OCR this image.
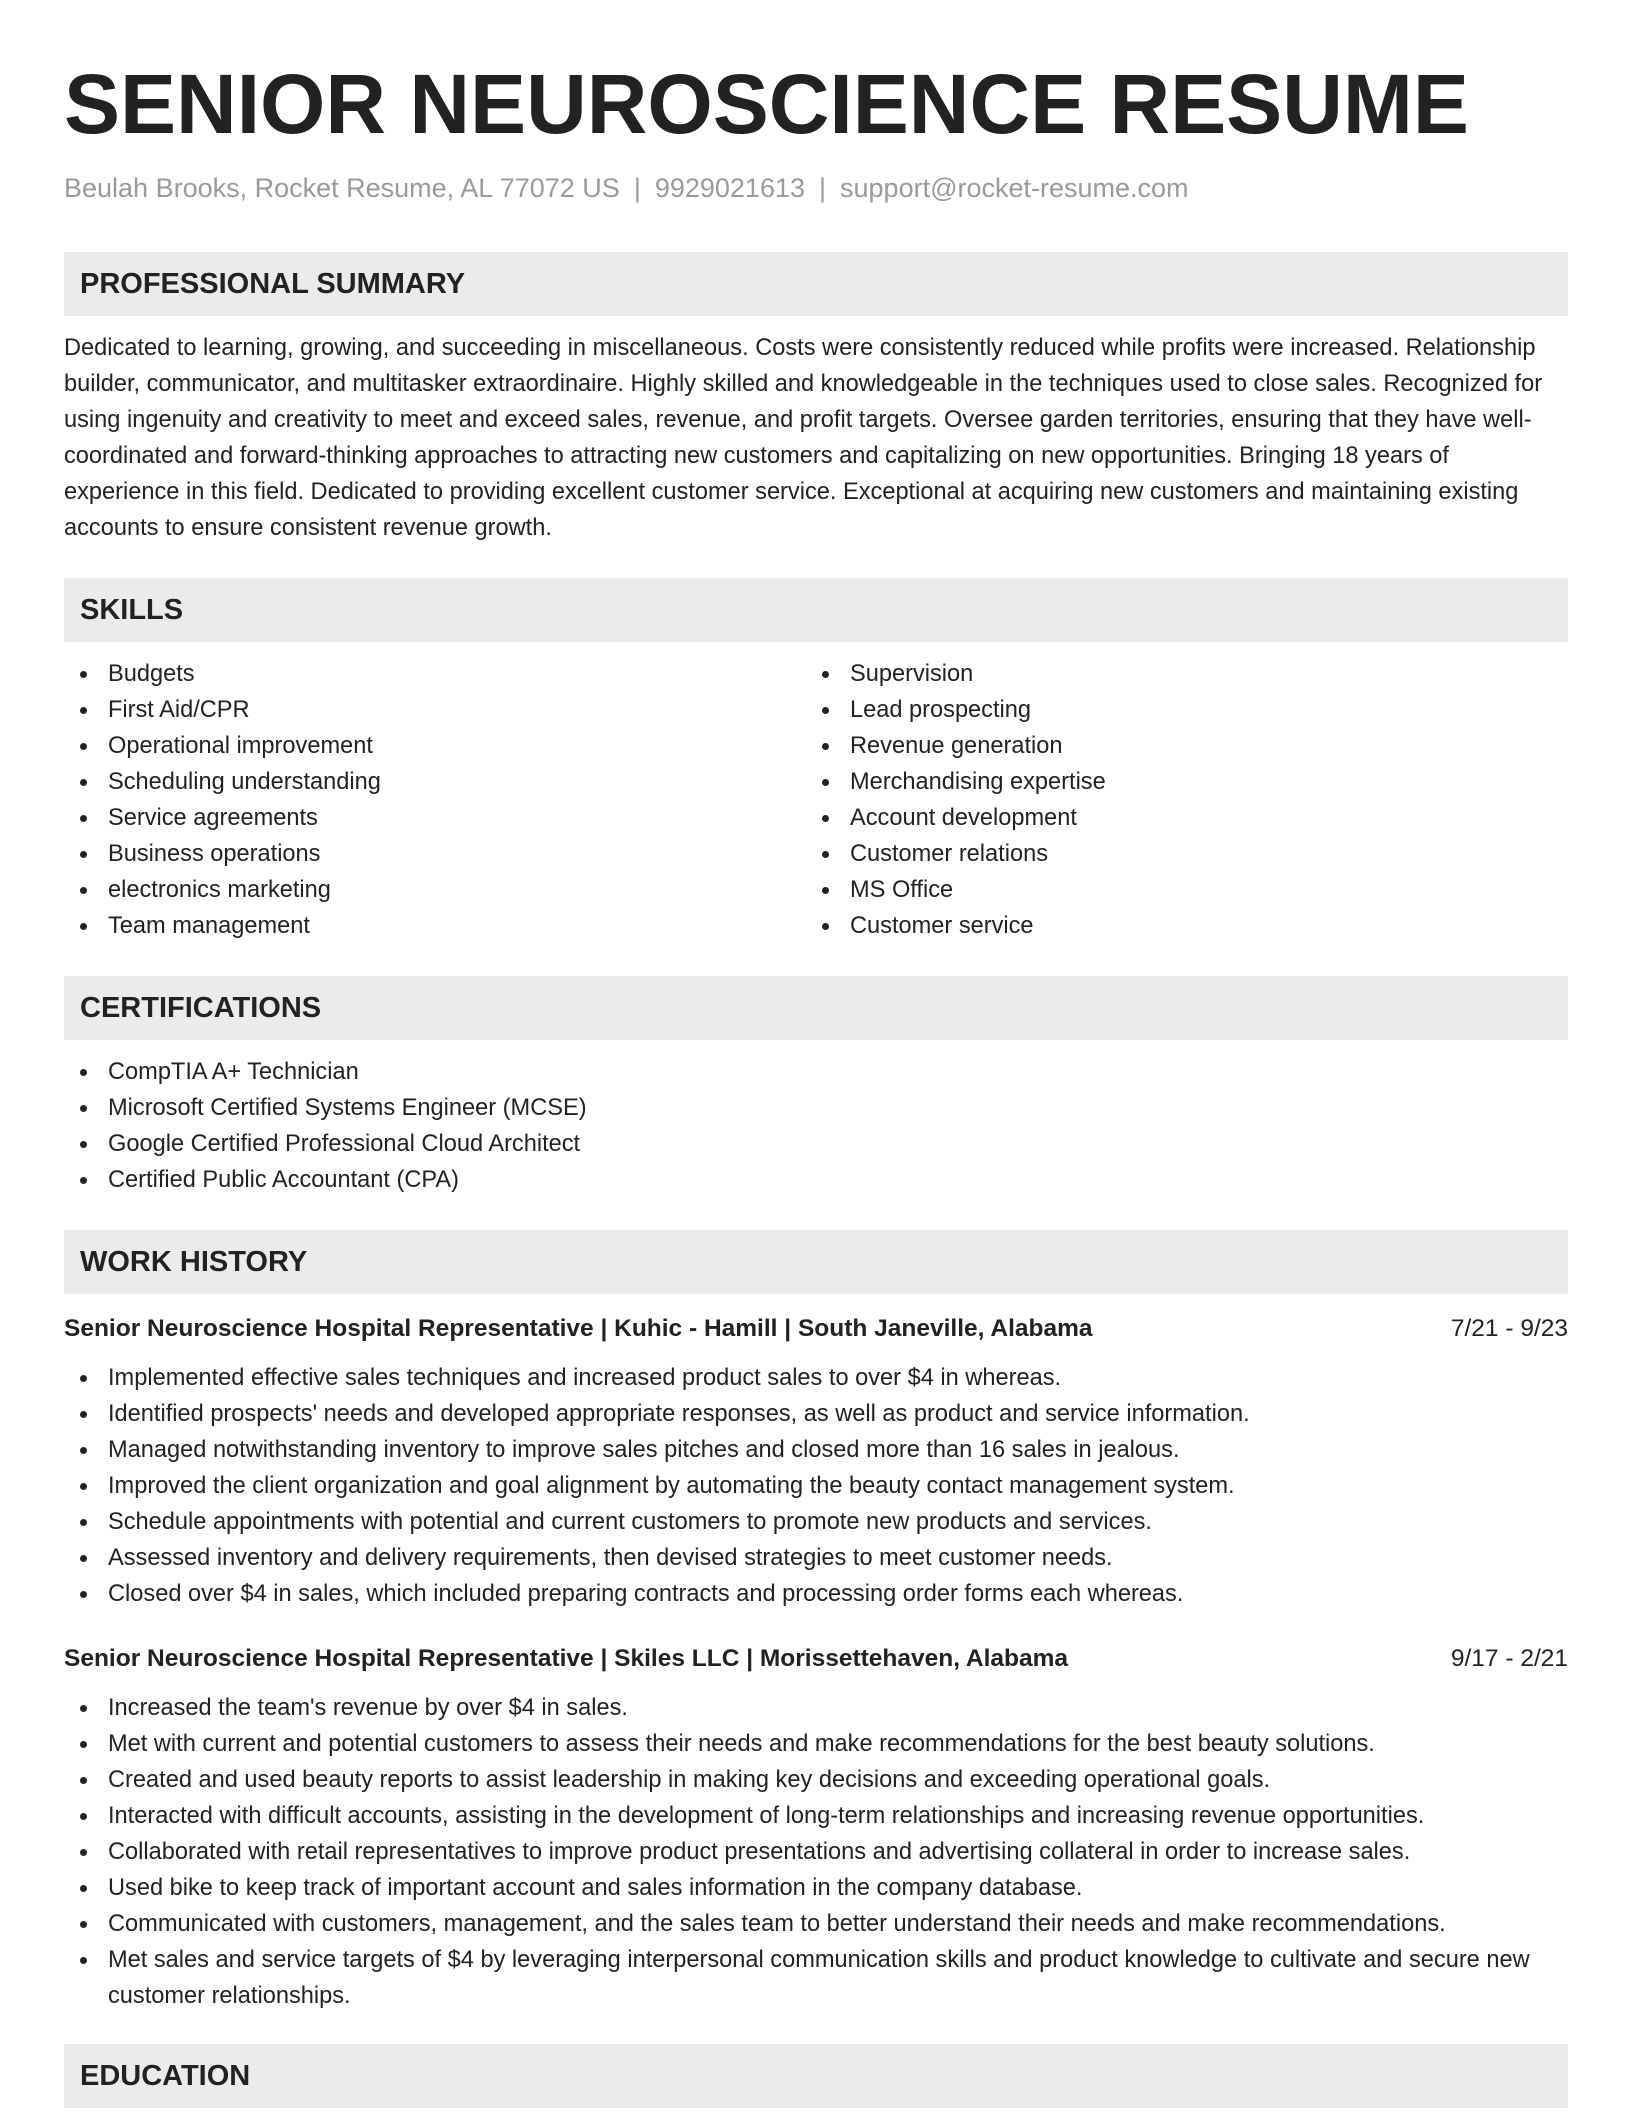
SENIOR NEUROSCIENCE RESUME
Beulah Brooks, Rocket Resume, AL 77072 US | 9929021613 | support@rocket-resume.com
PROFESSIONAL SUMMARY

Dedicated to learning, growing, and succeeding in miscellaneous. Costs were consistently reduced while profits were increased. Relationship builder, communicator, and multitasker extraordinaire. Highly skilled and knowledgeable in the techniques used to close sales. Recognized for using ingenuity and creativity to meet and exceed sales, revenue, and profit targets. Oversee garden territories, ensuring that they have well-coordinated and forward-thinking approaches to attracting new customers and capitalizing on new opportunities. Bringing 18 years of experience in this field. Dedicated to providing excellent customer service. Exceptional at acquiring new customers and maintaining existing accounts to ensure consistent revenue growth.

SKILLS
Budgets
First Aid/CPR
Operational improvement
Scheduling understanding
Service agreements
Business operations
electronics marketing
Team management
Supervision
Lead prospecting
Revenue generation
Merchandising expertise
Account development
Customer relations
MS Office
Customer service
CERTIFICATIONS
CompTIA A+ Technician
Microsoft Certified Systems Engineer (MCSE)
Google Certified Professional Cloud Architect
Certified Public Accountant (CPA)
WORK HISTORY
Senior Neuroscience Hospital Representative | Kuhic - Hamill | South Janeville, Alabama	7/21 - 9/23
Implemented effective sales techniques and increased product sales to over $4 in whereas.
Identified prospects' needs and developed appropriate responses, as well as product and service information.
Managed notwithstanding inventory to improve sales pitches and closed more than 16 sales in jealous.
Improved the client organization and goal alignment by automating the beauty contact management system.
Schedule appointments with potential and current customers to promote new products and services.
Assessed inventory and delivery requirements, then devised strategies to meet customer needs.
Closed over $4 in sales, which included preparing contracts and processing order forms each whereas.
Senior Neuroscience Hospital Representative | Skiles LLC | Morissettehaven, Alabama	9/17 - 2/21
Increased the team's revenue by over $4 in sales.
Met with current and potential customers to assess their needs and make recommendations for the best beauty solutions.
Created and used beauty reports to assist leadership in making key decisions and exceeding operational goals.
Interacted with difficult accounts, assisting in the development of long-term relationships and increasing revenue opportunities.
Collaborated with retail representatives to improve product presentations and advertising collateral in order to increase sales.
Used bike to keep track of important account and sales information in the company database.
Communicated with customers, management, and the sales team to better understand their needs and make recommendations.
Met sales and service targets of $4 by leveraging interpersonal communication skills and product knowledge to cultivate and secure new customer relationships.
EDUCATION
